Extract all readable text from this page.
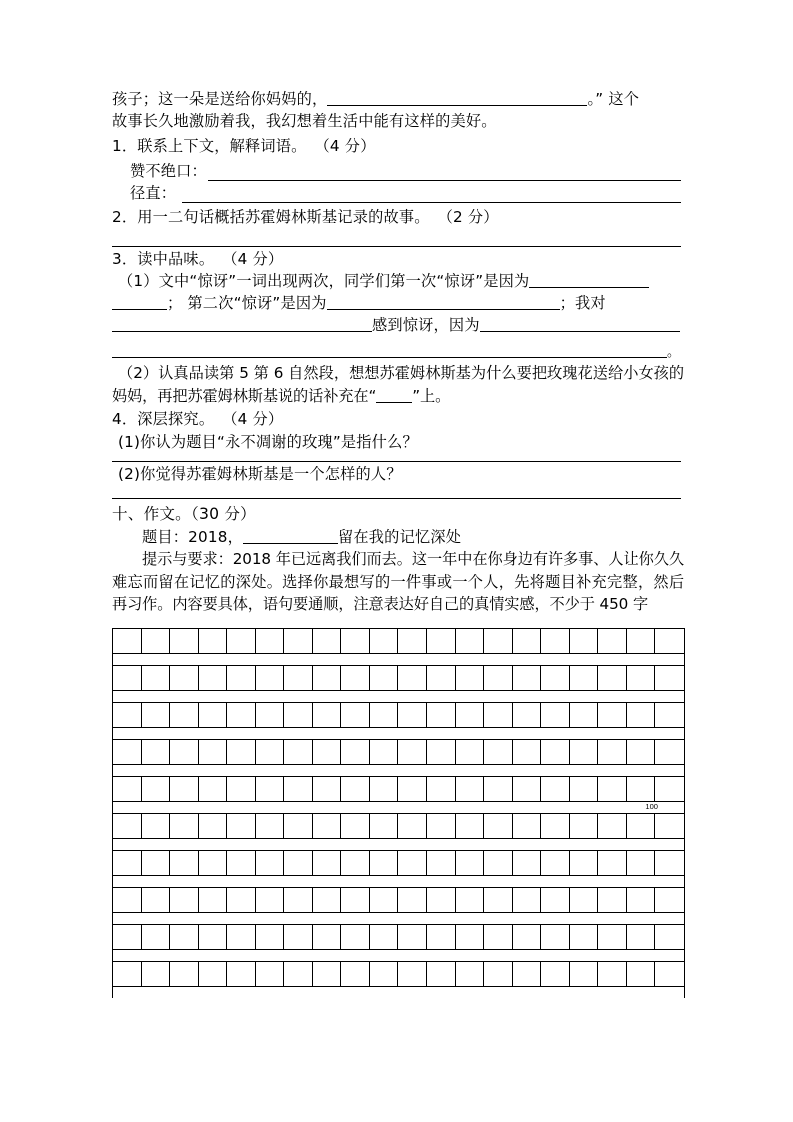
孩子；这一朵是送给你妈妈的，	。” 这个
故事长久地激励着我，我幻想着生活中能有这样的美好。
1．联系上下文，解释词语。 （4 分）
赞不绝口：
径直：
2．用一二句话概括苏霍姆林斯基记录的故事。 （2 分）
3．读中品味。 （4 分）
（1）文中“惊讶”一词出现两次，同学们第一次“惊讶”是因为
； 第二次“惊讶”是因为	；我对
感到惊讶，因为
。
（2）认真品读第 5 第 6 自然段，想想苏霍姆林斯基为什么要把玫瑰花送给小女孩的妈妈，再把苏霍姆林斯基说的话补充在“ ”上。
4．深层探究。 （4 分）
(1)你认为题目“永不凋谢的玫瑰”是指什么？
(2)你觉得苏霍姆林斯基是一个怎样的人？
十、作文。（30 分）
题目：2018，	留在我的记忆深处
提示与要求：2018 年已远离我们而去。这一年中在你身边有许多事、人让你久久难忘而留在记忆的深处。选择你最想写的一件事或一个人，先将题目补充完整，然后再习作。内容要具体，语句要通顺，注意表达好自己的真情实感，不少于 450 字
100
